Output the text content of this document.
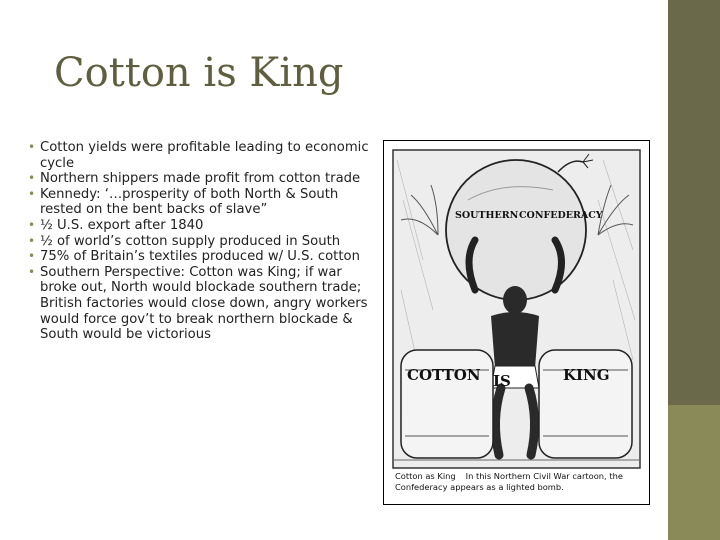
Cotton is King
• Cotton yields were profitable leading to economic cycle
• Northern shippers made profit from cotton trade
• Kennedy: ‘…prosperity of both North & South rested on the bent backs of slave”
• ½ U.S. export after 1840
• ½ of world’s cotton supply produced in South
• 75% of Britain’s textiles produced w/ U.S. cotton
• Southern Perspective: Cotton was King; if war broke out, North would blockade southern trade; British factories would close down, angry workers would force gov’t to break northern blockade & South would be victorious
SOUTHERN CONFEDERACY
COTTON IS	KING
Cotton as King In this Northern Civil War cartoon, the Confederacy appears as a lighted bomb.
